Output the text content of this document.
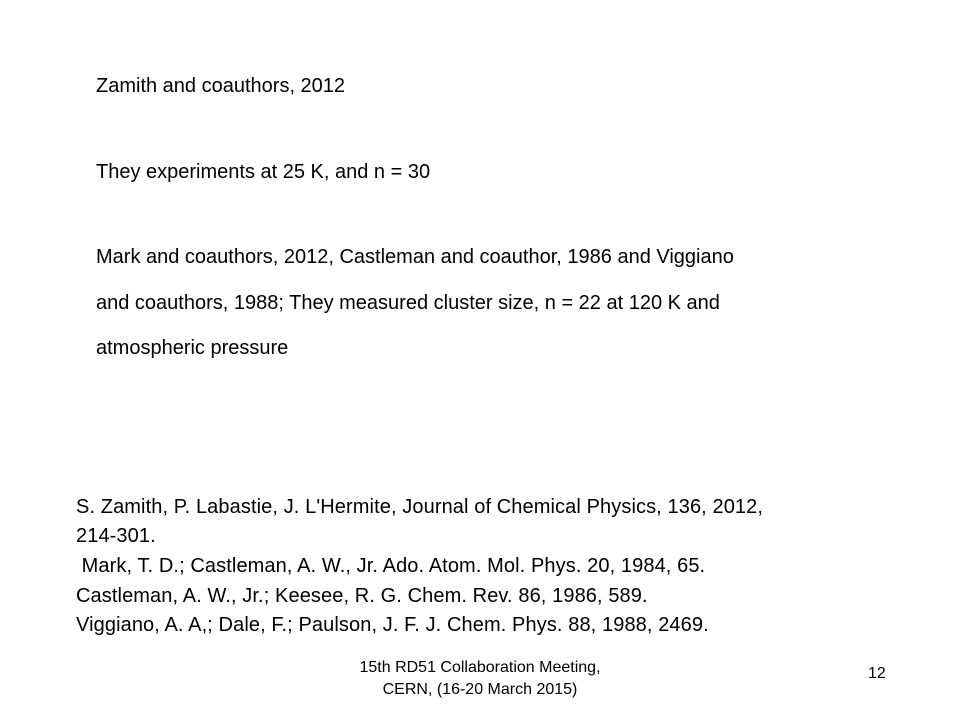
Zamith and coauthors, 2012
They experiments at 25 K, and n = 30
Mark and coauthors, 2012, Castleman and coauthor, 1986 and Viggiano
and coauthors, 1988; They measured cluster size, n = 22 at 120 K and
atmospheric pressure
S. Zamith, P. Labastie, J. L'Hermite, Journal of Chemical Physics, 136, 2012,
214-301.
Mark, T. D.; Castleman, A. W., Jr. Ado. Atom. Mol. Phys. 20, 1984, 65.
Castleman, A. W., Jr.; Keesee, R. G. Chem. Rev. 86, 1986, 589.
Viggiano, A. A,; Dale, F.; Paulson, J. F. J. Chem. Phys. 88, 1988, 2469.
15th RD51 Collaboration Meeting,
CERN, (16-20 March 2015)
12
